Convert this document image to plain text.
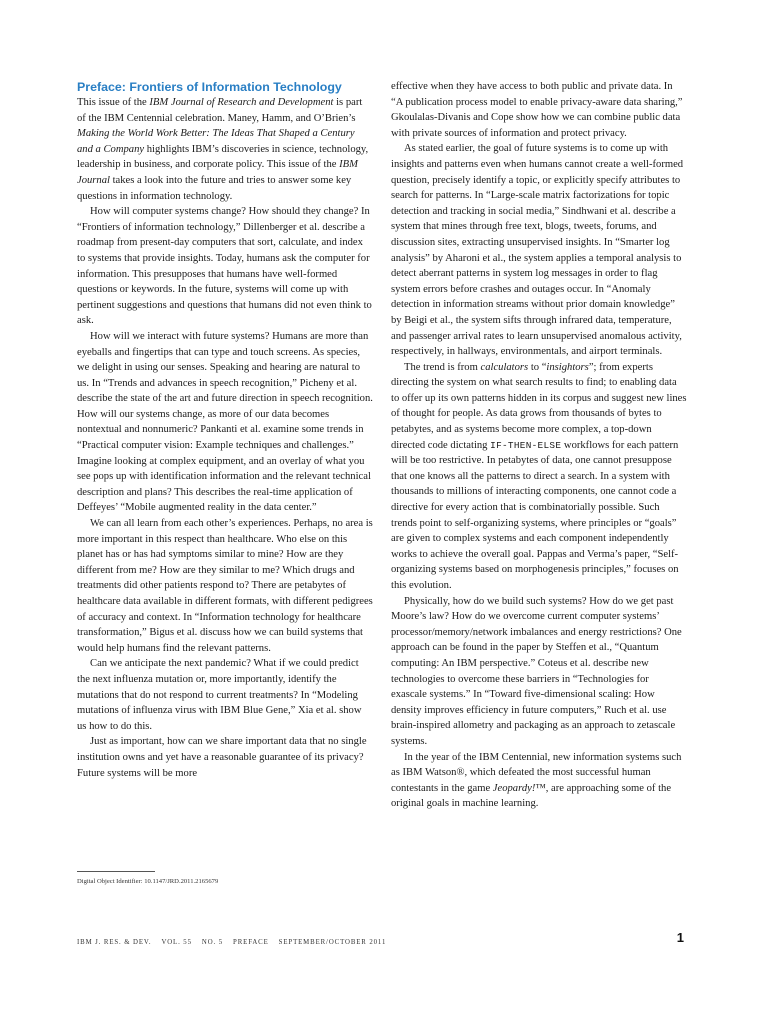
Preface: Frontiers of Information Technology

This issue of the IBM Journal of Research and Development is part of the IBM Centennial celebration. Maney, Hamm, and O’Brien’s Making the World Work Better: The Ideas That Shaped a Century and a Company highlights IBM’s discoveries in science, technology, leadership in business, and corporate policy. This issue of the IBM Journal takes a look into the future and tries to answer some key questions in information technology.

How will computer systems change? How should they change? In “Frontiers of information technology,” Dillenberger et al. describe a roadmap from present-day computers that sort, calculate, and index to systems that provide insights. Today, humans ask the computer for information. This presupposes that humans have well-formed questions or keywords. In the future, systems will come up with pertinent suggestions and questions that humans did not even think to ask.

How will we interact with future systems? Humans are more than eyeballs and fingertips that can type and touch screens. As species, we delight in using our senses. Speaking and hearing are natural to us. In “Trends and advances in speech recognition,” Picheny et al. describe the state of the art and future direction in speech recognition. How will our systems change, as more of our data becomes nontextual and nonnumeric? Pankanti et al. examine some trends in “Practical computer vision: Example techniques and challenges.” Imagine looking at complex equipment, and an overlay of what you see pops up with identification information and the relevant technical description and plans? This describes the real-time application of Deffeyes’ “Mobile augmented reality in the data center.”

We can all learn from each other’s experiences. Perhaps, no area is more important in this respect than healthcare. Who else on this planet has or has had symptoms similar to mine? How are they different from me? How are they similar to me? Which drugs and treatments did other patients respond to? There are petabytes of healthcare data available in different formats, with different pedigrees of accuracy and context. In “Information technology for healthcare transformation,” Bigus et al. discuss how we can build systems that would help humans find the relevant patterns.

Can we anticipate the next pandemic? What if we could predict the next influenza mutation or, more importantly, identify the mutations that do not respond to current treatments? In “Modeling mutations of influenza virus with IBM Blue Gene,” Xia et al. show us how to do this.

Just as important, how can we share important data that no single institution owns and yet have a reasonable guarantee of its privacy? Future systems will be more

effective when they have access to both public and private data. In “A publication process model to enable privacy-aware data sharing,” Gkoulalas-Divanis and Cope show how we can combine public data with private sources of information and protect privacy.

As stated earlier, the goal of future systems is to come up with insights and patterns even when humans cannot create a well-formed question, precisely identify a topic, or explicitly specify attributes to search for patterns. In “Large-scale matrix factorizations for topic detection and tracking in social media,” Sindhwani et al. describe a system that mines through free text, blogs, tweets, forums, and discussion sites, extracting unsupervised insights. In “Smarter log analysis” by Aharoni et al., the system applies a temporal analysis to detect aberrant patterns in system log messages in order to flag system errors before crashes and outages occur. In “Anomaly detection in information streams without prior domain knowledge” by Beigi et al., the system sifts through infrared data, temperature, and passenger arrival rates to learn unsupervised anomalous activity, respectively, in hallways, environmentals, and airport terminals.

The trend is from calculators to “insightors”; from experts directing the system on what search results to find; to enabling data to offer up its own patterns hidden in its corpus and suggest new lines of thought for people. As data grows from thousands of bytes to petabytes, and as systems become more complex, a top-down directed code dictating IF-THEN-ELSE workflows for each pattern will be too restrictive. In petabytes of data, one cannot presuppose that one knows all the patterns to direct a search. In a system with thousands to millions of interacting components, one cannot code a directive for every action that is combinatorially possible. Such trends point to self-organizing systems, where principles or “goals” are given to complex systems and each component independently works to achieve the overall goal. Pappas and Verma’s paper, “Self-organizing systems based on morphogenesis principles,” focuses on this evolution.

Physically, how do we build such systems? How do we get past Moore’s law? How do we overcome current computer systems’ processor/memory/network imbalances and energy restrictions? One approach can be found in the paper by Steffen et al., “Quantum computing: An IBM perspective.” Coteus et al. describe new technologies to overcome these barriers in “Technologies for exascale systems.” In “Toward five-dimensional scaling: How density improves efficiency in future computers,” Ruch et al. use brain-inspired allometry and packaging as an approach to zetascale systems.

In the year of the IBM Centennial, new information systems such as IBM Watson®, which defeated the most successful human contestants in the game Jeopardy!™, are approaching some of the original goals in machine learning.

Digital Object Identifier: 10.1147/JRD.2011.2165679
IBM J. RES. & DEV. VOL. 55 NO. 5 PREFACE SEPTEMBER/OCTOBER 2011	1
